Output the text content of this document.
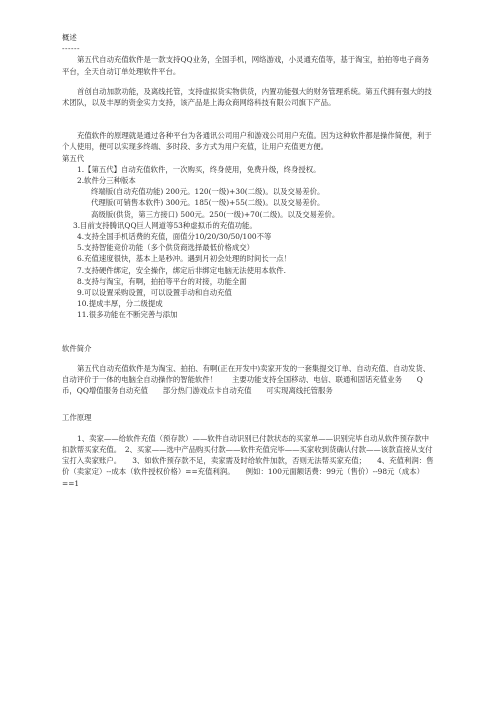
概述

------

第五代自动充值软件是一款支持QQ业务，全国手机，网络游戏，小灵通充值等，基于淘宝，拍拍等电子商务平台，全天自动订单处理软件平台。

首创自动加款功能，及离线托管，支持虚拟货实物供货，内置功能强大的财务管理系统。第五代拥有强大的技术团队，以及丰厚的资金实力支持，该产品是上海众商网络科技有限公司旗下产品。

充值软件的原理就是通过各种平台为各通讯公司用户和游戏公司用户充值。因为这种软件都是操作简便，利于个人使用，便可以实现多终端、多时段、多方式为用户充值，让用户充值更方便。

第五代

1.【第五代】自动充值软件，一次购买，终身使用，免费升级，终身授权。
2.软件分三种版本
终端版(自动充值功能) 200元。120(一级)+30(二级)。以及交易差价。
代理版(可销售本软件) 300元。185(一级)+55(二级)。以及交易差价。
高级版(供货，第三方接口) 500元。250(一级)+70(二级)。以及交易差价。
3.目前支持腾讯QQ巨人网道等53种虚拟币的充值功能。
4.支持全国手机话费的充值，面值分10/20/30/50/100不等
5.支持智能竞价功能（多个供货商选择最低价格成交）
6.充值速度很快，基本上是秒冲。遇到月初会处理的时间长一点！
7.支持硬件绑定，安全操作，绑定后非绑定电脑无法使用本软件.
8.支持与淘宝，有啊，拍拍等平台的对接，功能全面
9.可以设置采购设置，可以设置手动和自动充值
10.提成丰厚，分二级提成
11.很多功能在不断完善与添加

软件简介

第五代自动充值软件是为淘宝、拍拍、有啊(正在开发中)卖家开发的一套集提交订单、自动充值、自动发货、自动评价于一体的电脑全自动操作的智能软件！　　主要功能支持全国移动、电信、联通和固话充值业务　　Q币，QQ增值服务自动充值　　部分热门游戏点卡自动充值　　可实现离线托管服务

工作原理

1、卖家——给软件充值（预存款）——软件自动识别已付款状态的买家单——识别完毕自动从软件预存款中扣款帮买家充值。　2、买家——选中产品购买付款——软件充值完毕——买家收到货确认付款——该款直接从支付宝打入卖家账户。　　3、如软件预存款不足，卖家需及时给软件加款，否则无法帮买家充值；　　4、充值利润：售价（卖家定）--成本（软件授权价格）==充值利润。　　例如：100元面额话费：99元（售价）--98元（成本）==1
